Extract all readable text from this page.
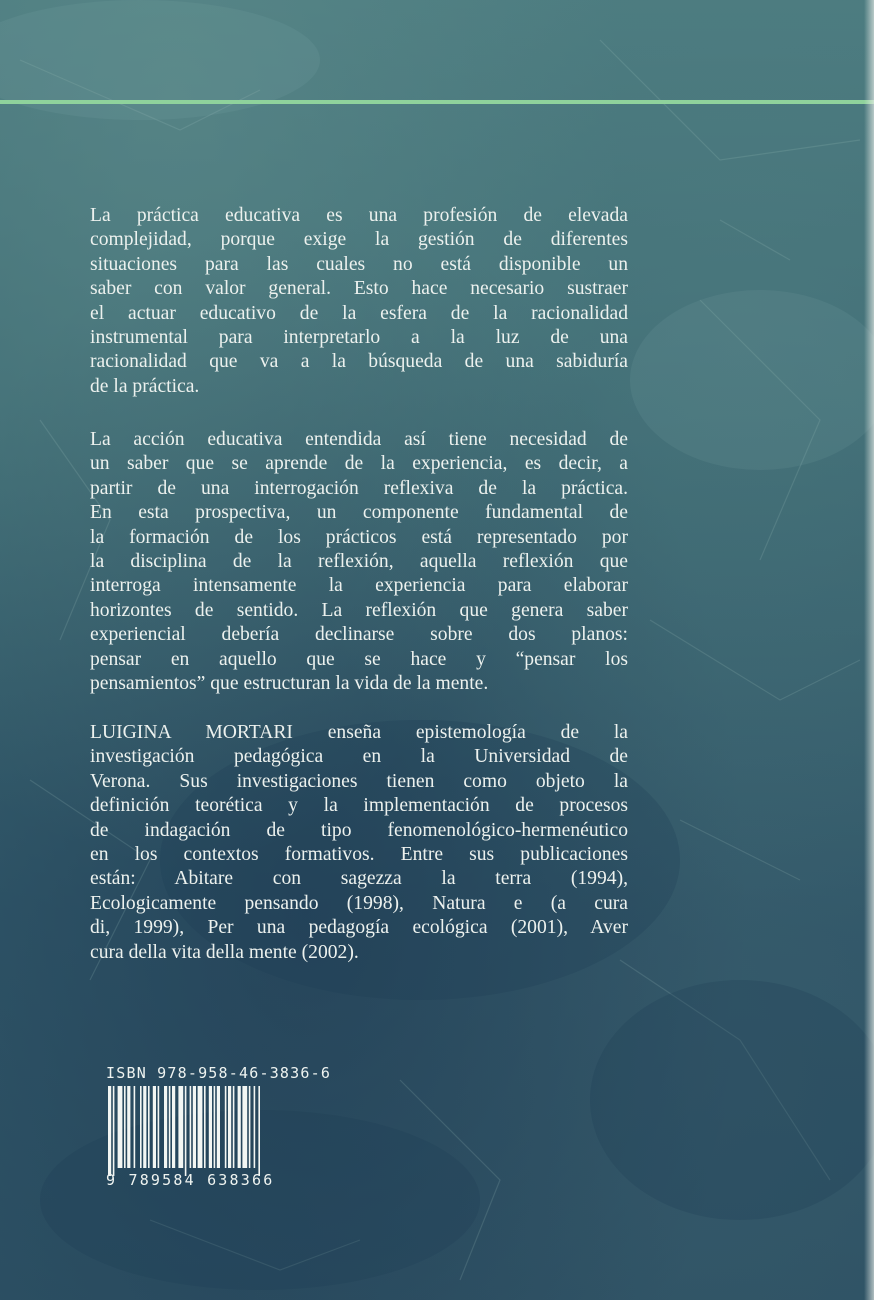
La práctica educativa es una profesión de elevada
complejidad, porque exige la gestión de diferentes
situaciones para las cuales no está disponible un
saber con valor general. Esto hace necesario sustraer
el actuar educativo de la esfera de la racionalidad
instrumental para interpretarlo a la luz de una
racionalidad que va a la búsqueda de una sabiduría
de la práctica.
La acción educativa entendida así tiene necesidad de
un saber que se aprende de la experiencia, es decir, a
partir de una interrogación reflexiva de la práctica.
En esta prospectiva, un componente fundamental de
la formación de los prácticos está representado por
la disciplina de la reflexión, aquella reflexión que
interroga intensamente la experiencia para elaborar
horizontes de sentido. La reflexión que genera saber
experiencial debería declinarse sobre dos planos:
pensar en aquello que se hace y “pensar los
pensamientos” que estructuran la vida de la mente.
LUIGINA MORTARI enseña epistemología de la
investigación pedagógica en la Universidad de
Verona. Sus investigaciones tienen como objeto la
definición teorética y la implementación de procesos
de indagación de tipo fenomenológico-hermenéutico
en los contextos formativos. Entre sus publicaciones
están: Abitare con sagezza la terra (1994),
Ecologicamente pensando (1998), Natura e (a cura
di, 1999), Per una pedagogía ecológica (2001), Aver
cura della vita della mente (2002).
ISBN 978-958-46-3836-6
9 789584 638366
